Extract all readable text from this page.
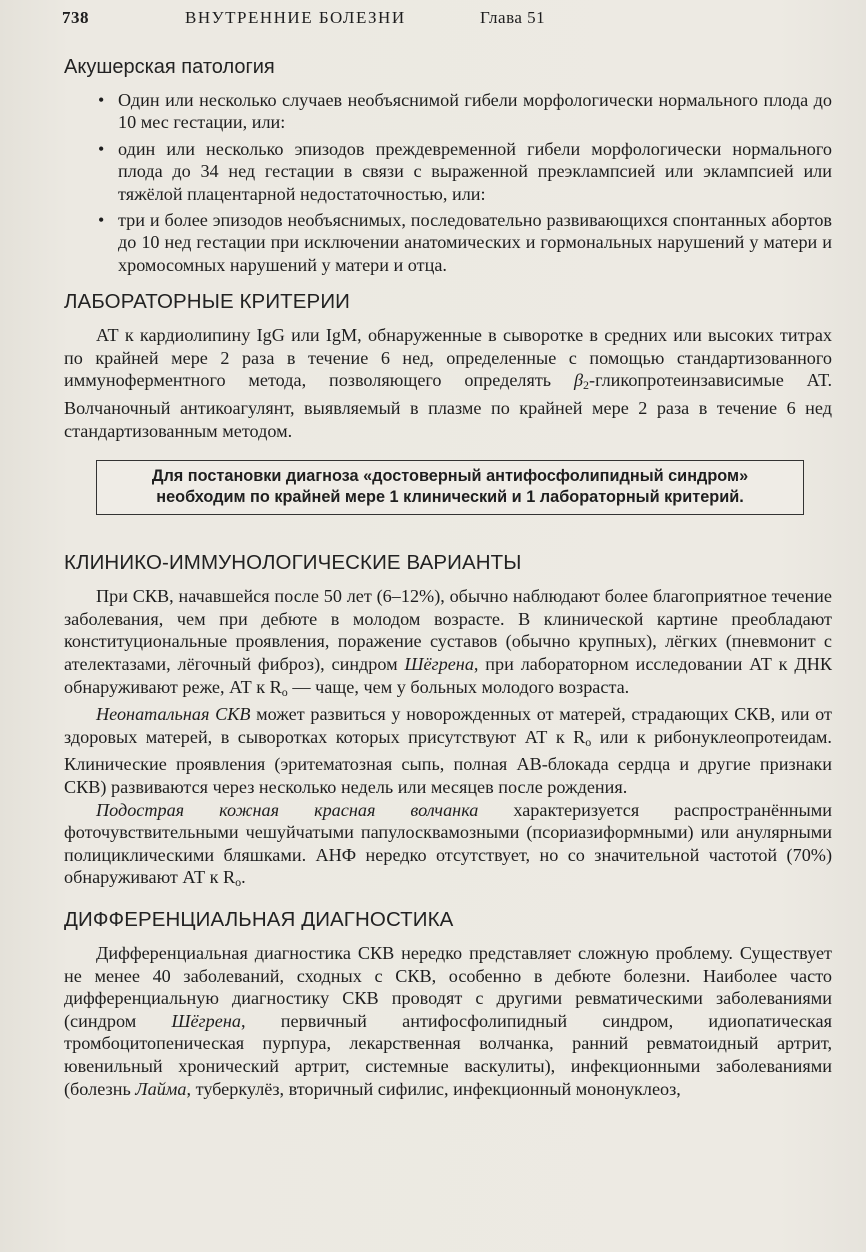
738	ВНУТРЕННИЕ БОЛЕЗНИ	Глава 51
Акушерская патология
• Один или несколько случаев необъяснимой гибели морфологически нормального плода до 10 мес гестации, или:
• один или несколько эпизодов преждевременной гибели морфологически нормального плода до 34 нед гестации в связи с выраженной преэклампсией или эклампсией или тяжёлой плацентарной недостаточностью, или:
• три и более эпизодов необъяснимых, последовательно развивающихся спонтанных абортов до 10 нед гестации при исключении анатомических и гормональных нарушений у матери и хромосомных нарушений у матери и отца.
ЛАБОРАТОРНЫЕ КРИТЕРИИ

АТ к кардиолипину IgG или IgM, обнаруженные в сыворотке в средних или высоких титрах по крайней мере 2 раза в течение 6 нед, определенные с помощью стандартизованного иммуноферментного метода, позволяющего определять $\beta_2$-гликопротеинзависимые АТ. Волчаночный антикоагулянт, выявляемый в плазме по крайней мере 2 раза в течение 6 нед стандартизованным методом.

Для постановки диагноза «достоверный антифосфолипидный синдром» необходим по крайней мере 1 клинический и 1 лабораторный критерий.
КЛИНИКО-ИММУНОЛОГИЧЕСКИЕ ВАРИАНТЫ

При СКВ, начавшейся после 50 лет (6–12%), обычно наблюдают более благоприятное течение заболевания, чем при дебюте в молодом возрасте. В клинической картине преобладают конституциональные проявления, поражение суставов (обычно крупных), лёгких (пневмонит с ателектазами, лёгочный фиброз), синдром Шёгрена, при лабораторном исследовании АТ к ДНК обнаруживают реже, АТ к $R_о$ — чаще, чем у больных молодого возраста.

Неонатальная СКВ может развиться у новорожденных от матерей, страдающих СКВ, или от здоровых матерей, в сыворотках которых присутствуют АТ к $R_о$ или к рибонуклеопротеидам. Клинические проявления (эритематозная сыпь, полная АВ-блокада сердца и другие признаки СКВ) развиваются через несколько недель или месяцев после рождения.

Подострая кожная красная волчанка характеризуется распространёнными фоточувствительными чешуйчатыми папулосквамозными (псориазиформными) или анулярными полициклическими бляшками. АНФ нередко отсутствует, но со значительной частотой (70%) обнаруживают АТ к $R_о$.

ДИФФЕРЕНЦИАЛЬНАЯ ДИАГНОСТИКА

Дифференциальная диагностика СКВ нередко представляет сложную проблему. Существует не менее 40 заболеваний, сходных с СКВ, особенно в дебюте болезни. Наиболее часто дифференциальную диагностику СКВ проводят с другими ревматическими заболеваниями (синдром Шёгрена, первичный антифосфолипидный синдром, идиопатическая тромбоцитопеническая пурпура, лекарственная волчанка, ранний ревматоидный артрит, ювенильный хронический артрит, системные васкулиты), инфекционными заболеваниями (болезнь Лайма, туберкулёз, вторичный сифилис, инфекционный мононуклеоз,
